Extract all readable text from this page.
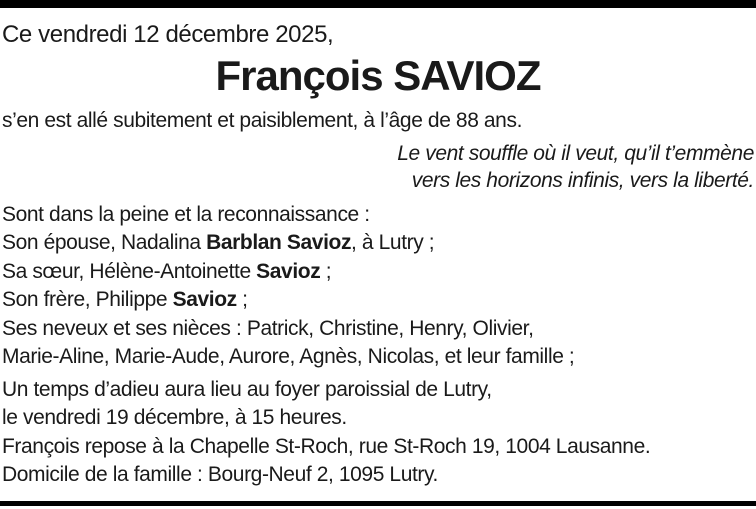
Ce vendredi 12 décembre 2025,

François SAVIOZ

s’en est allé subitement et paisiblement, à l’âge de 88 ans.

Le vent souffle où il veut, qu’il t’emmène

vers les horizons infinis, vers la liberté.

Sont dans la peine et la reconnaissance :

Son épouse, Nadalina Barblan Savioz, à Lutry ;

Sa sœur, Hélène-Antoinette Savioz ;

Son frère, Philippe Savioz ;

Ses neveux et ses nièces : Patrick, Christine, Henry, Olivier,

Marie-Aline, Marie-Aude, Aurore, Agnès, Nicolas, et leur famille ;

Un temps d’adieu aura lieu au foyer paroissial de Lutry,

le vendredi 19 décembre, à 15 heures.

François repose à la Chapelle St-Roch, rue St-Roch 19, 1004 Lausanne.

Domicile de la famille : Bourg-Neuf 2, 1095 Lutry.
